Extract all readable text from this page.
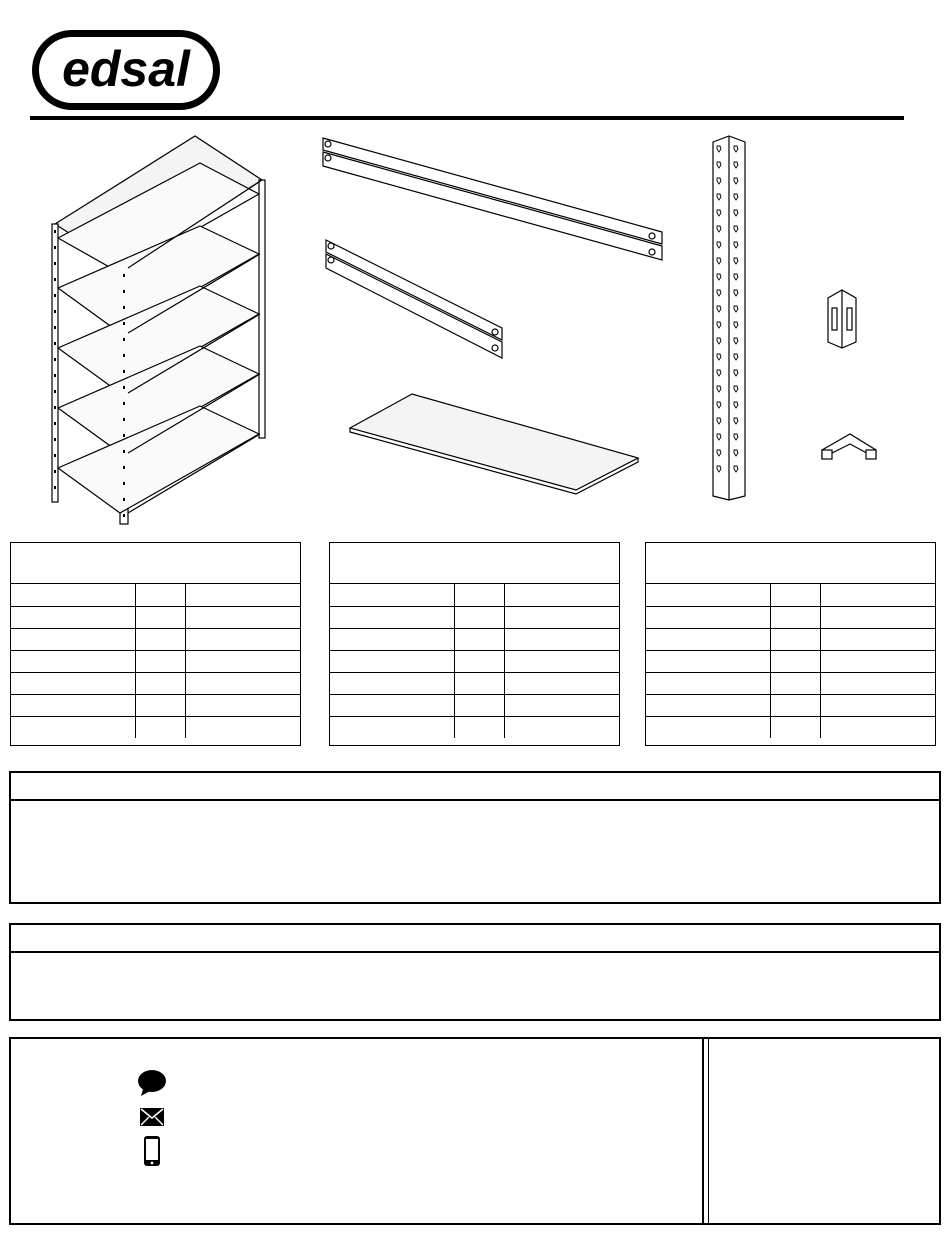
edsal
